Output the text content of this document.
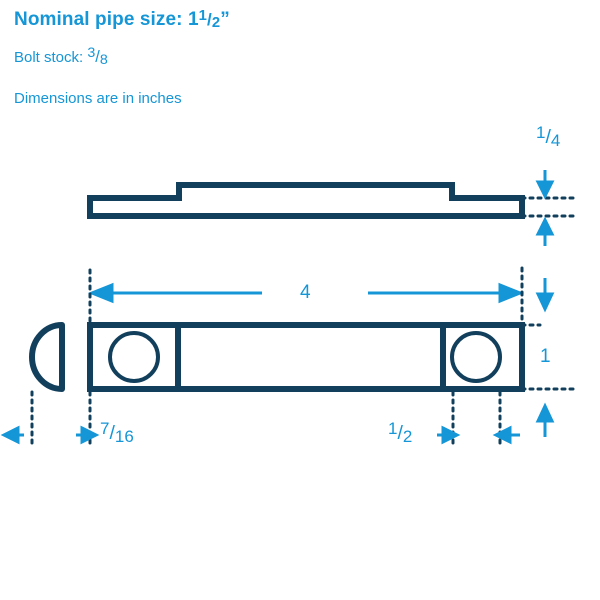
Nominal pipe size: 11/2”
Bolt stock: 3/8
Dimensions are in inches
1/4
4
1
7/16	1/2
